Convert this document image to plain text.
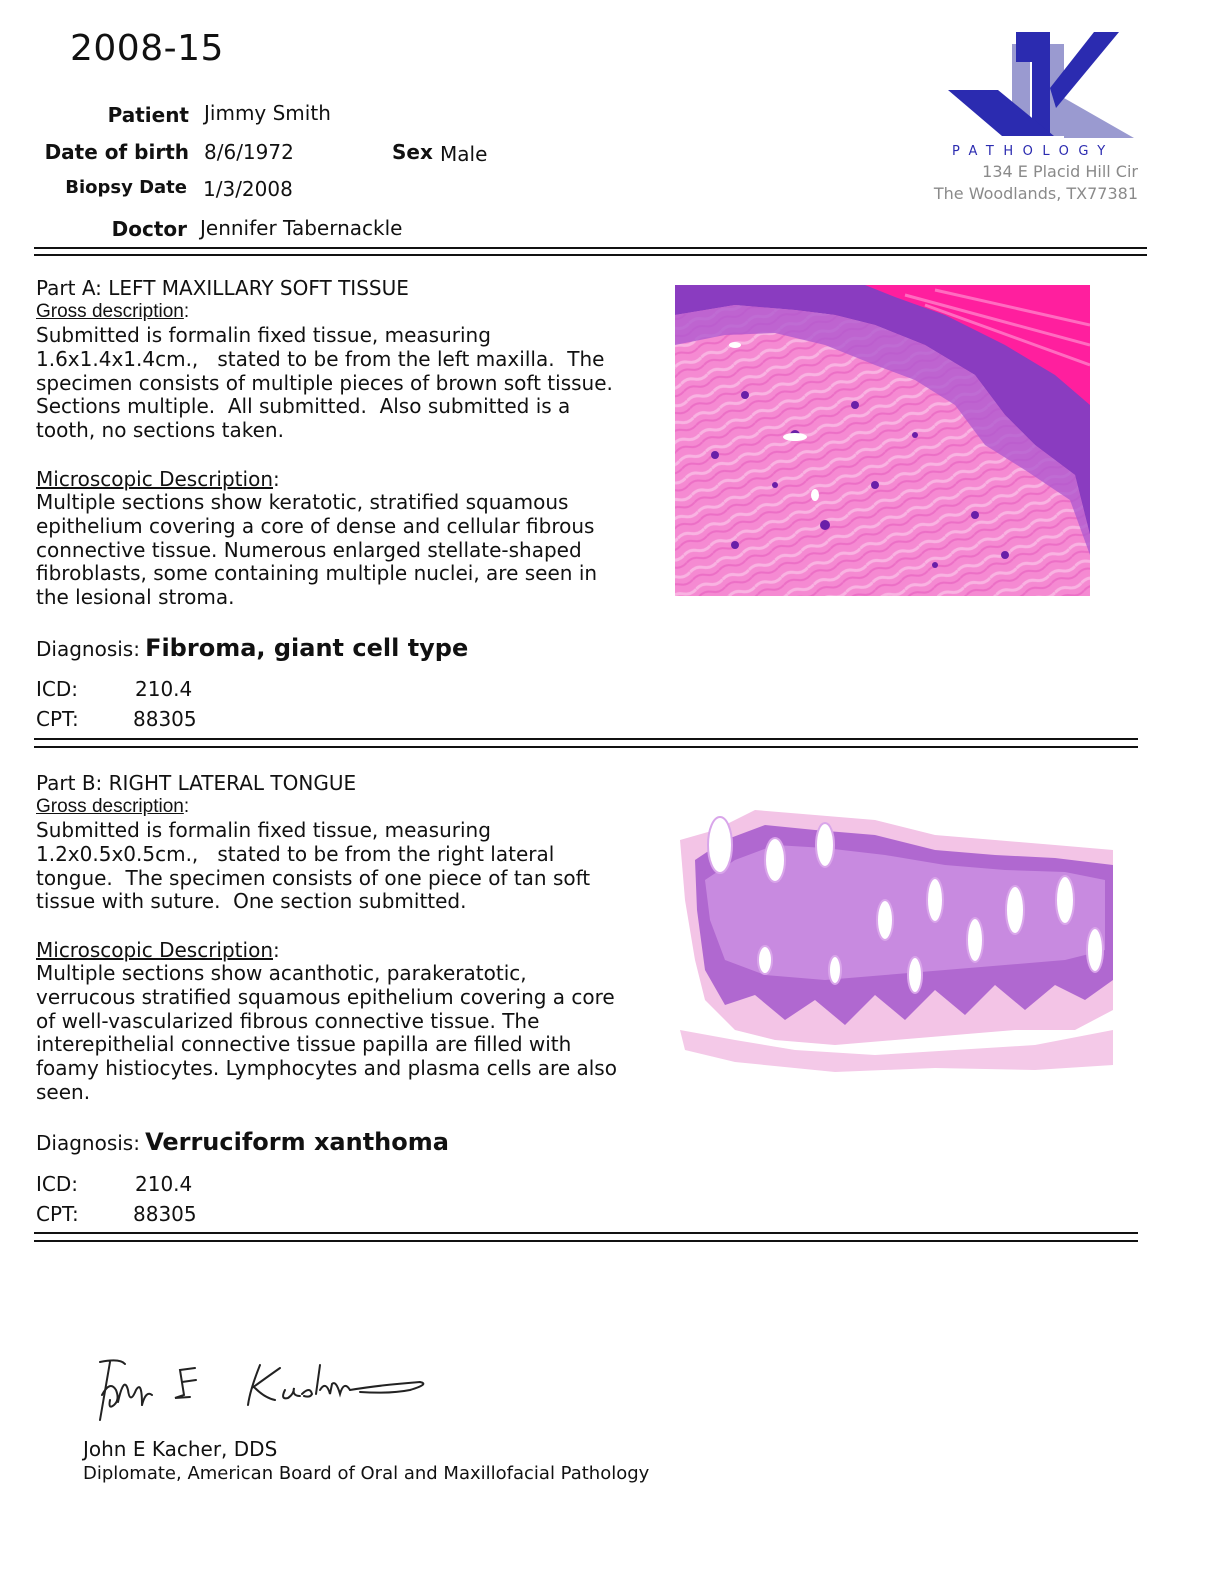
2008-15
Patient Jimmy Smith
Date of birth 8/6/1972	Sex Male
Biopsy Date 1/3/2008
Doctor Jennifer Tabernackle
PATHOLOGY
134 E Placid Hill Cir
The Woodlands, TX77381
Part A: LEFT MAXILLARY SOFT TISSUE
Gross description:
Submitted is formalin fixed tissue, measuring
1.6x1.4x1.4cm.,   stated to be from the left maxilla.  The
specimen consists of multiple pieces of brown soft tissue.
Sections multiple.  All submitted.  Also submitted is a
tooth, no sections taken.
Microscopic Description:
Multiple sections show keratotic, stratified squamous
epithelium covering a core of dense and cellular fibrous
connective tissue. Numerous enlarged stellate-shaped
fibroblasts, some containing multiple nuclei, are seen in
the lesional stroma.
Diagnosis: Fibroma, giant cell type
ICD:	210.4
CPT:	88305
Part B: RIGHT LATERAL TONGUE
Gross description:
Submitted is formalin fixed tissue, measuring
1.2x0.5x0.5cm.,   stated to be from the right lateral
tongue.  The specimen consists of one piece of tan soft
tissue with suture.  One section submitted.
Microscopic Description:
Multiple sections show acanthotic, parakeratotic,
verrucous stratified squamous epithelium covering a core
of well-vascularized fibrous connective tissue. The
interepithelial connective tissue papilla are filled with
foamy histiocytes. Lymphocytes and plasma cells are also
seen.
Diagnosis: Verruciform xanthoma
ICD:	210.4
CPT:	88305
John E Kacher, DDS
Diplomate, American Board of Oral and Maxillofacial Pathology
